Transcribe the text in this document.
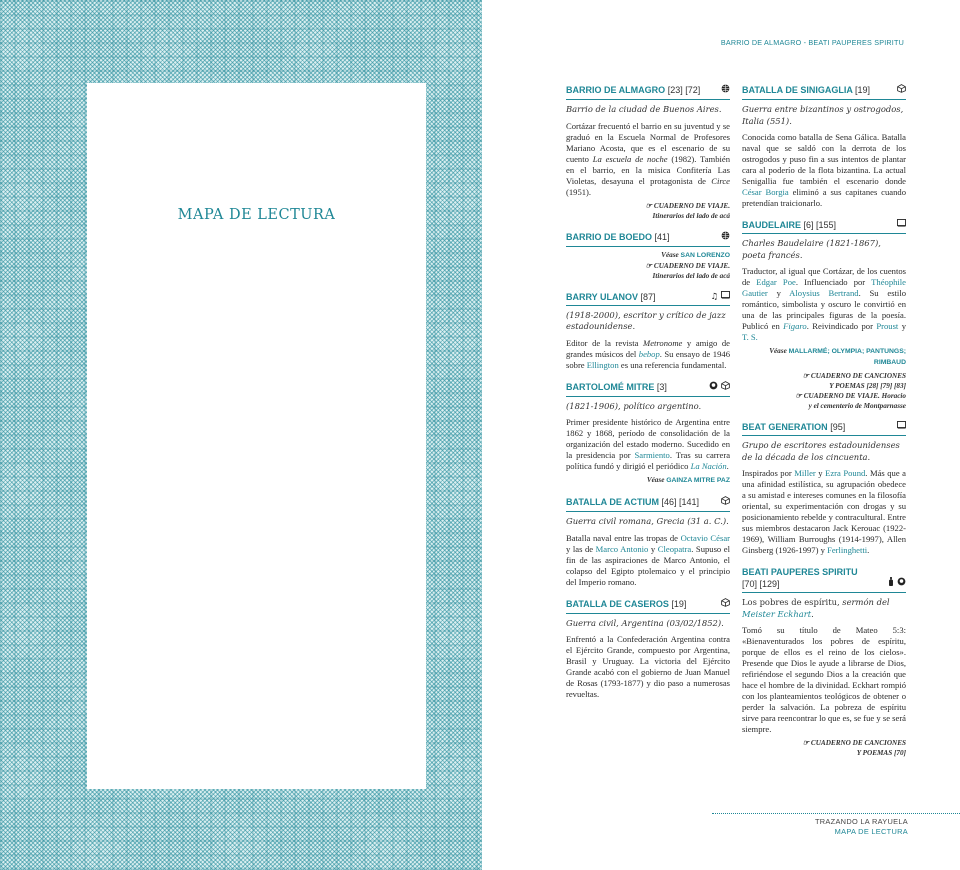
MAPA DE LECTURA
BARRIO DE ALMAGRO - BEATI PAUPERES SPIRITU
BARRIO DE ALMAGRO [23] [72]
Barrio de la ciudad de Buenos Aires.

Cortázar frecuentó el barrio en su juventud y se graduó en la Escuela Normal de Profesores Mariano Acosta, que es el escenario de su cuento La escuela de noche (1982). También en el barrio, en la misica Confitería Las Violetas, desayuna el protagonista de Circe (1951).

☞ CUADERNO DE VIAJE.
Itinerarios del lado de acá
BARRIO DE BOEDO [41]
Véase SAN LORENZO
☞ CUADERNO DE VIAJE.
Itinerarios del lado de acá
BARRY ULANOV [87]	♫
(1918-2000), escritor y crítico de jazz estadounidense.

Editor de la revista Metronome y amigo de grandes músicos del bebop. Su ensayo de 1946 sobre Ellington es una referencia fundamental.

BARTOLOMÉ MITRE [3]

(1821-1906), político argentino.

Primer presidente histórico de Argentina entre 1862 y 1868, período de consolidación de la organización del estado moderno. Sucedido en la presidencia por Sarmiento. Tras su carrera política fundó y dirigió el periódico La Nación.

Véase GAINZA MITRE PAZ
BATALLA DE ACTIUM [46] [141]
Guerra civil romana, Grecia (31 a. C.).

Batalla naval entre las tropas de Octavio César y las de Marco Antonio y Cleopatra. Supuso el fin de las aspiraciones de Marco Antonio, el colapso del Egipto ptolemaico y el principio del Imperio romano.

BATALLA DE CASEROS [19]
Guerra civil, Argentina (03/02/1852).

Enfrentó a la Confederación Argentina contra el Ejército Grande, compuesto por Argentina, Brasil y Uruguay. La victoria del Ejército Grande acabó con el gobierno de Juan Manuel de Rosas (1793-1877) y dio paso a numerosas revueltas.

BATALLA DE SINIGAGLIA [19]
Guerra entre bizantinos y ostrogodos, Italia (551).

Conocida como batalla de Sena Gálica. Batalla naval que se saldó con la derrota de los ostrogodos y puso fin a sus intentos de plantar cara al poderío de la flota bizantina. La actual Senigallia fue también el escenario donde César Borgia eliminó a sus capitanes cuando pretendían traicionarlo.

BAUDELAIRE [6] [155]
Charles Baudelaire (1821-1867), poeta francés.

Traductor, al igual que Cortázar, de los cuentos de Edgar Poe. Influenciado por Théophile Gautier y Aloysius Bertrand. Su estilo romántico, simbolista y oscuro le convirtió en una de las principales figuras de la poesía. Publicó en Figaro. Reivindicado por Proust y T. S.

Véase MALLARMÉ; OLYMPIA; PANTUNGS; RIMBAUD
☞ CUADERNO DE CANCIONES
Y POEMAS [28] [79] [83]
☞ CUADERNO DE VIAJE. Horacio
y el cementerio de Montparnasse
BEAT GENERATION [95]
Grupo de escritores estadounidenses de la década de los cincuenta.

Inspirados por Miller y Ezra Pound. Más que a una afinidad estilística, su agrupación obedece a su amistad e intereses comunes en la filosofía oriental, su experimentación con drogas y su posicionamiento rebelde y contracultural. Entre sus miembros destacaron Jack Kerouac (1922-1969), William Burroughs (1914-1997), Allen Ginsberg (1926-1997) y Ferlinghetti.

BEATI PAUPERES SPIRITU
[70] [129]

Los pobres de espíritu, sermón del Meister Eckhart.

Tomó su título de Mateo 5:3: «Bienaventurados los pobres de espíritu, porque de ellos es el reino de los cielos». Presende que Dios le ayude a librarse de Dios, refiriéndose el segundo Dios a la creación que hace el hombre de la divinidad. Eckhart rompió con los planteamientos teológicos de obtener o perder la salvación. La pobreza de espíritu sirve para reencontrar lo que es, se fue y se será siempre.

☞ CUADERNO DE CANCIONES
Y POEMAS [70]
TRAZANDO LA RAYUELA
MAPA DE LECTURA
